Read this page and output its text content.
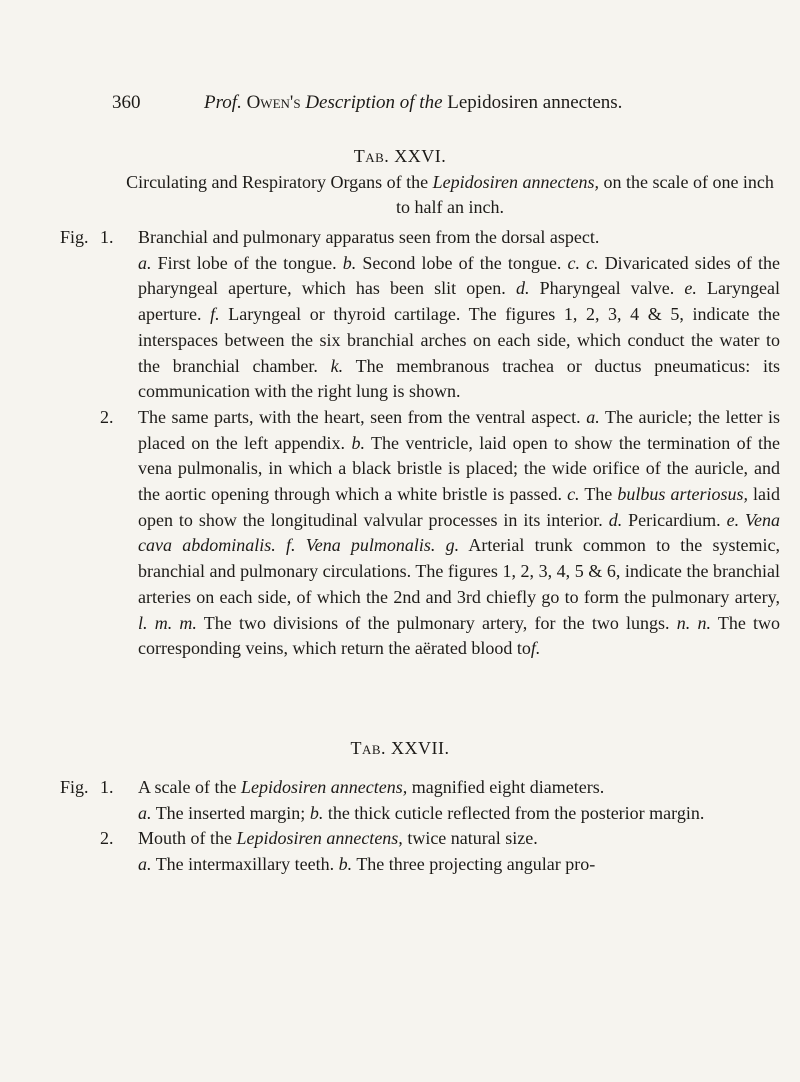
360	Prof. Owen's Description of the Lepidosiren annectens.
Tab. XXVI.
Circulating and Respiratory Organs of the Lepidosiren annectens, on the scale of one inch to half an inch.
Fig. 1.	Branchial and pulmonary apparatus seen from the dorsal aspect.

a. First lobe of the tongue. b. Second lobe of the tongue. c. c. Divaricated sides of the pharyngeal aperture, which has been slit open. d. Pharyngeal valve. e. Laryngeal aperture. f. Laryngeal or thyroid cartilage. The figures 1, 2, 3, 4 & 5, indicate the interspaces between the six branchial arches on each side, which conduct the water to the branchial chamber. k. The membranous trachea or ductus pneumaticus: its communication with the right lung is shown.

2.	The same parts, with the heart, seen from the ventral aspect. a. The auricle; the letter is placed on the left appendix. b. The ventricle, laid open to show the termination of the vena pulmonalis, in which a black bristle is placed; the wide orifice of the auricle, and the aortic opening through which a white bristle is passed. c. The bulbus arteriosus, laid open to show the longitudinal valvular processes in its interior. d. Pericardium. e. Vena cava abdominalis. f. Vena pulmonalis. g. Arterial trunk common to the systemic, branchial and pulmonary circulations. The figures 1, 2, 3, 4, 5 & 6, indicate the branchial arteries on each side, of which the 2nd and 3rd chiefly go to form the pulmonary artery, l. m. m. The two divisions of the pulmonary artery, for the two lungs. n. n. The two corresponding veins, which return the aërated blood tof.

Tab. XXVII.
Fig. 1.	A scale of the Lepidosiren annectens, magnified eight diameters.

a. The inserted margin; b. the thick cuticle reflected from the posterior margin.

2.	Mouth of the Lepidosiren annectens, twice natural size.

a. The intermaxillary teeth. b. The three projecting angular pro-
